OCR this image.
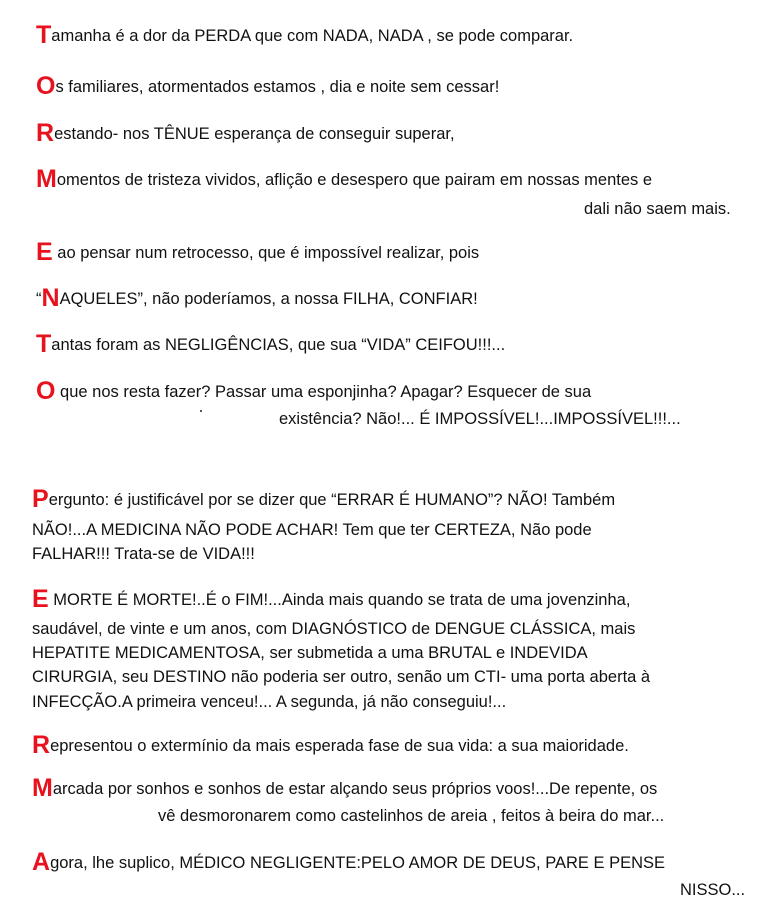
Tamanha é a dor da PERDA que com NADA, NADA , se pode comparar.
Os familiares, atormentados estamos , dia e noite sem cessar!
Restando- nos TÊNUE esperança de conseguir superar,
Momentos de tristeza vividos, aflição e desespero que pairam em nossas mentes e
dali não saem mais.
E ao pensar num retrocesso, que é impossível realizar, pois
“NAQUELES”, não poderíamos, a nossa FILHA, CONFIAR!
Tantas foram as NEGLIGÊNCIAS, que sua “VIDA” CEIFOU!!!...
O que nos resta fazer? Passar uma esponjinha? Apagar? Esquecer de sua
existência? Não!... É IMPOSSÍVEL!...IMPOSSÍVEL!!!...
Pergunto: é justificável por se dizer que “ERRAR É HUMANO”? NÃO! Também
NÃO!...A MEDICINA NÃO PODE ACHAR! Tem que ter CERTEZA, Não pode
FALHAR!!! Trata-se de VIDA!!!
E MORTE É MORTE!..É o FIM!...Ainda mais quando se trata de uma jovenzinha,
saudável, de vinte e um anos, com DIAGNÓSTICO de DENGUE CLÁSSICA, mais
HEPATITE MEDICAMENTOSA, ser submetida a uma BRUTAL e INDEVIDA
CIRURGIA, seu DESTINO não poderia ser outro, senão um CTI- uma porta aberta à
INFECÇÃO.A primeira venceu!... A segunda, já não conseguiu!...
Representou o extermínio da mais esperada fase de sua vida: a sua maioridade.
Marcada por sonhos e sonhos de estar alçando seus próprios voos!...De repente, os
vê desmoronarem como castelinhos de areia , feitos à beira do mar...
Agora, lhe suplico, MÉDICO NEGLIGENTE:PELO AMOR DE DEUS, PARE E PENSE
NISSO...
